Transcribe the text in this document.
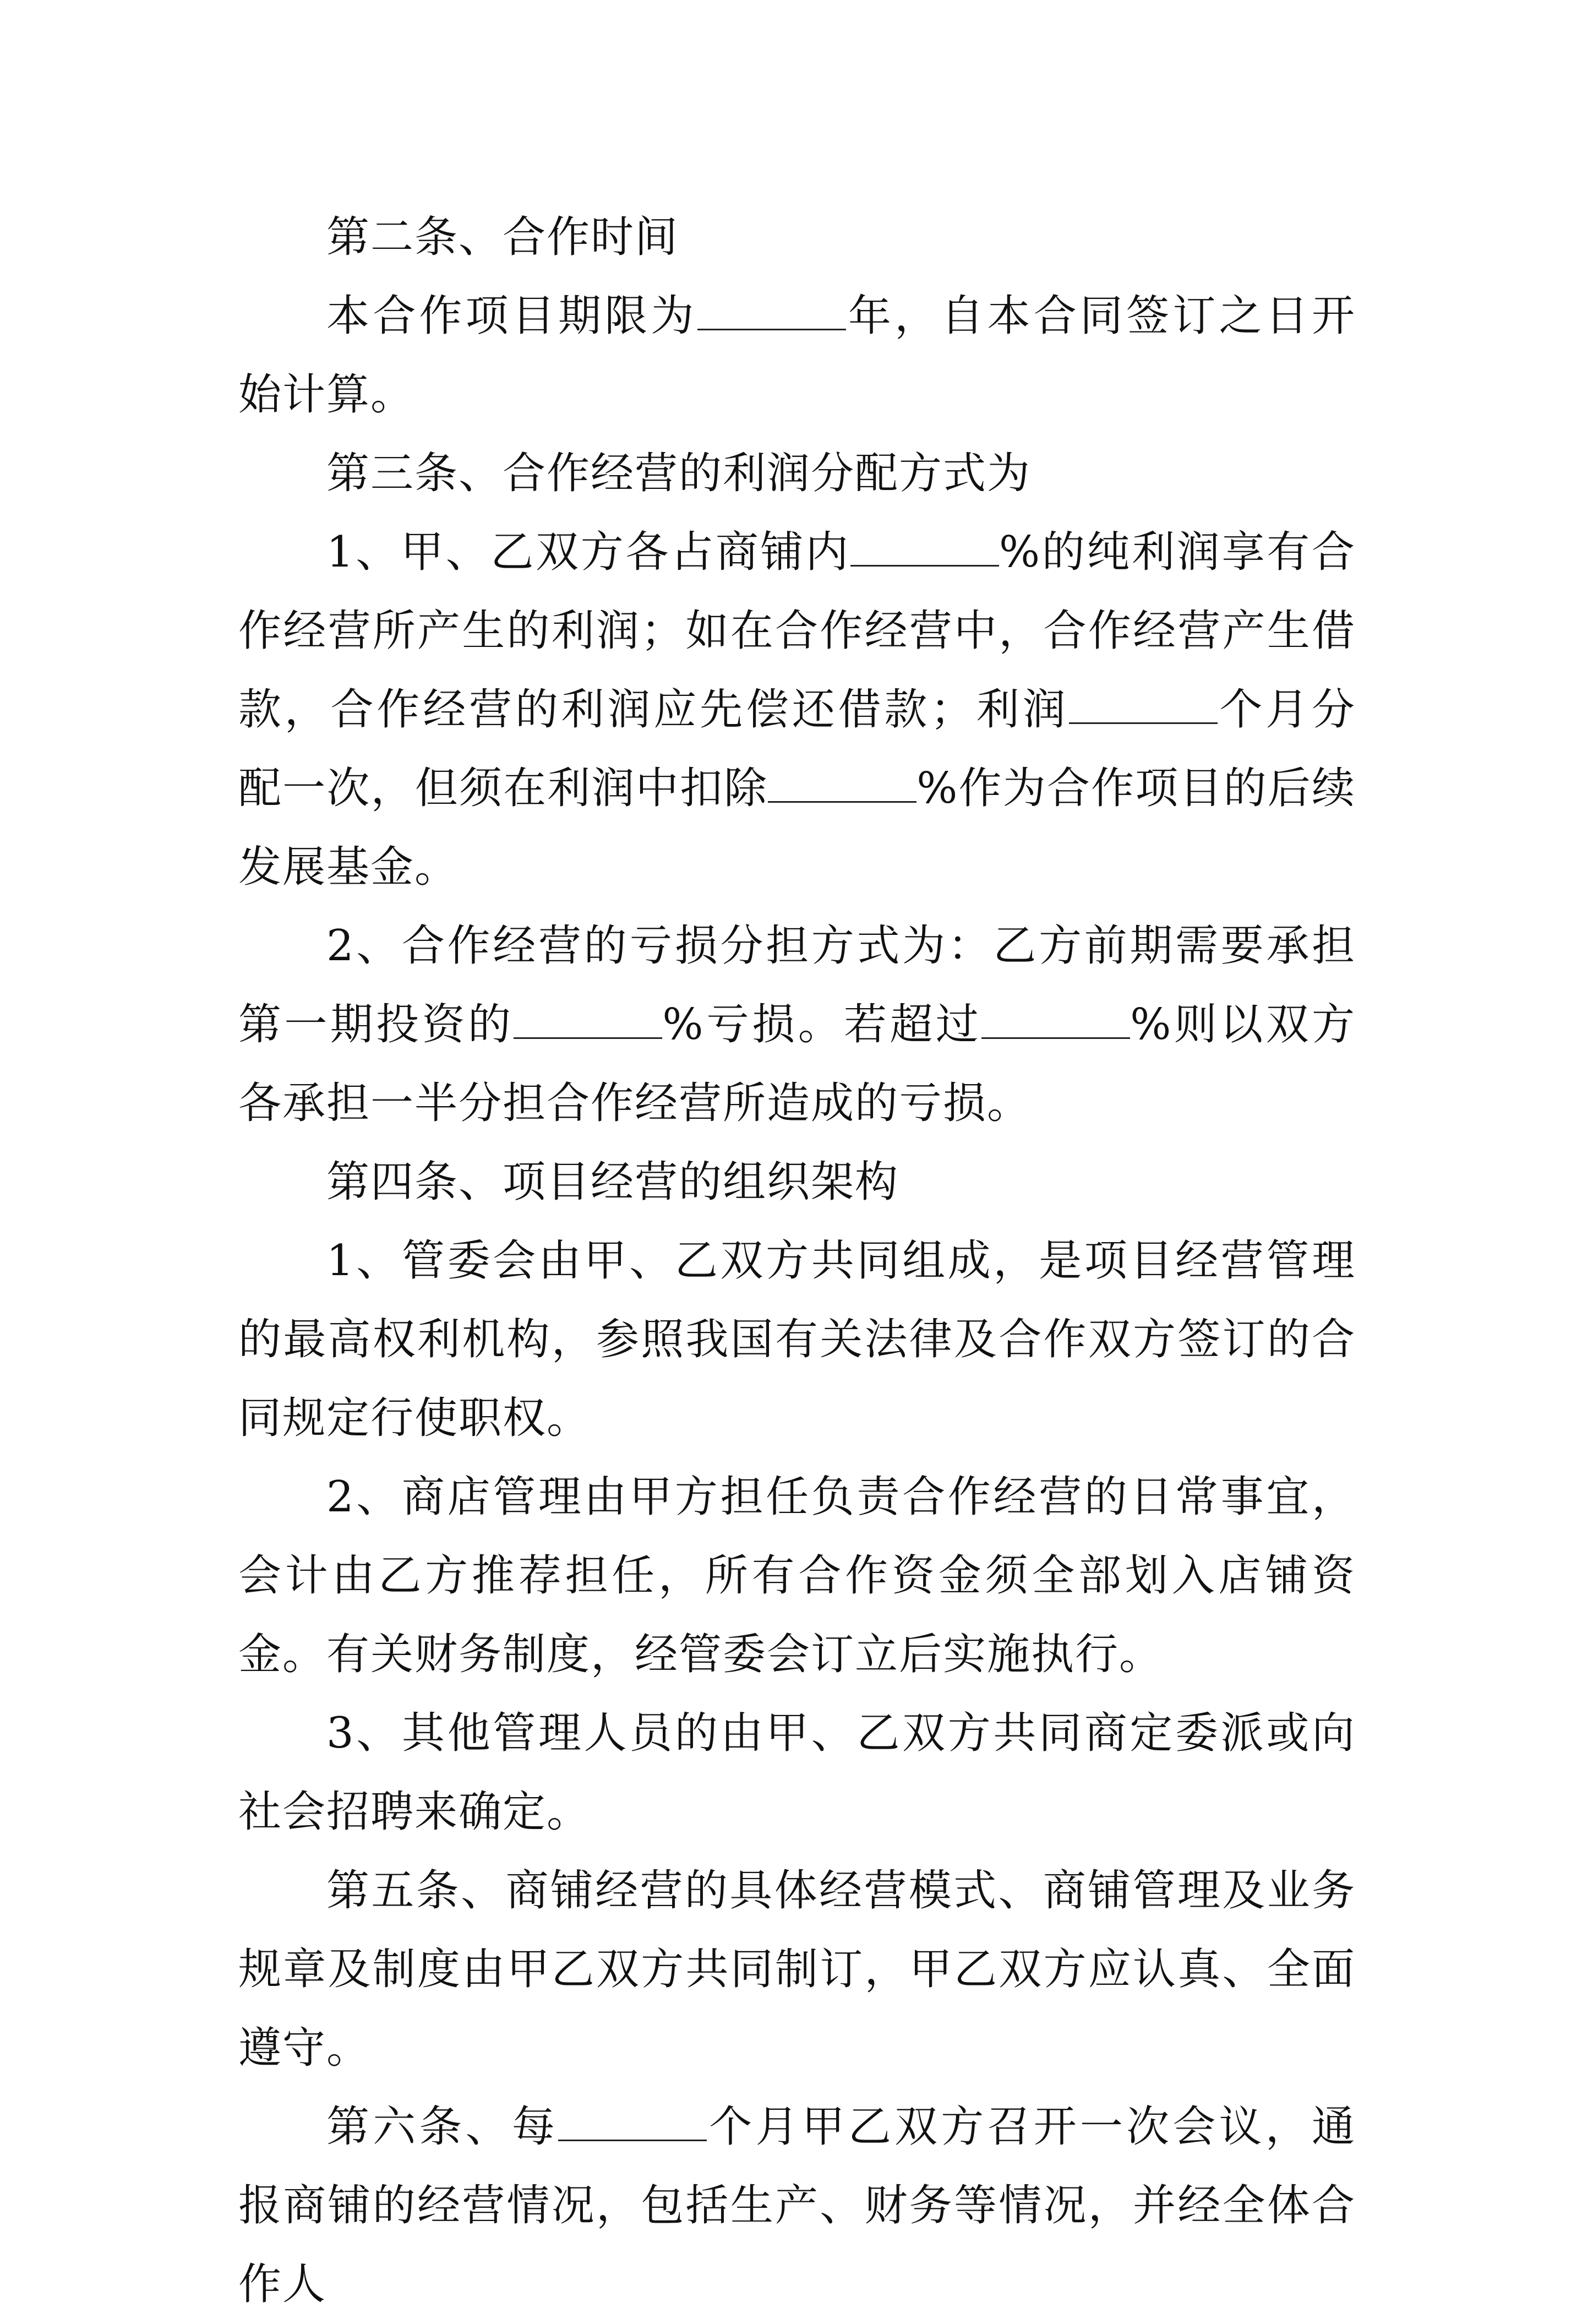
第二条、合作时间

本合作项目期限为	年，自本合同签订之日开始计算。

第三条、合作经营的利润分配方式为

1、甲、乙双方各占商铺内	%的纯利润享有合作经营所产生的利润；如在合作经营中，合作经营产生借款，合作经营的利润应先偿还借款；利润	个月分配一次，但须在利润中扣除	%作为合作项目的后续发展基金。

2、合作经营的亏损分担方式为：乙方前期需要承担第一期投资的	%亏损。若超过	%则以双方各承担一半分担合作经营所造成的亏损。

第四条、项目经营的组织架构

1、管委会由甲、乙双方共同组成，是项目经营管理的最高权利机构，参照我国有关法律及合作双方签订的合同规定行使职权。

2、商店管理由甲方担任负责合作经营的日常事宜，会计由乙方推荐担任，所有合作资金须全部划入店铺资金。有关财务制度，经管委会订立后实施执行。

3、其他管理人员的由甲、乙双方共同商定委派或向社会招聘来确定。

第五条、商铺经营的具体经营模式、商铺管理及业务规章及制度由甲乙双方共同制订，甲乙双方应认真、全面遵守。

第六条、每	个月甲乙双方召开一次会议，通报商铺的经营情况，包括生产、财务等情况，并经全体合作人
